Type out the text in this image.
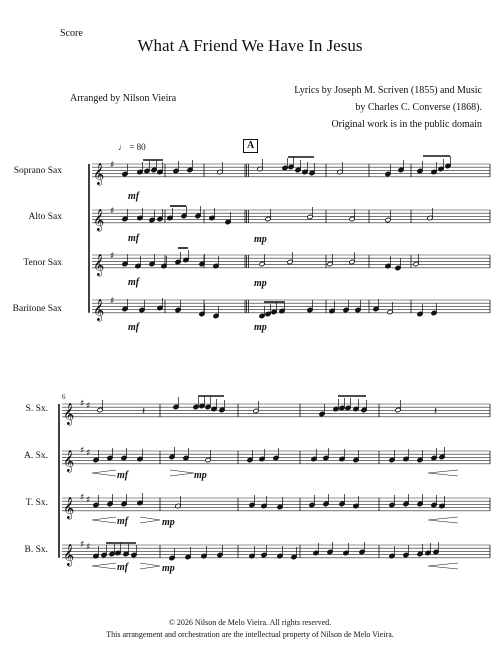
Score
What A Friend We Have In Jesus
Arranged by Nilson Vieira
Lyrics by Joseph M. Scriven (1855) and Music
by Charles C. Converse (1868).
Original work is in the public domain
♩ = 80	A
Soprano Sax
Alto Sax
Tenor Sax
Baritone Sax
mf
mf
mf
mf
mp
mp
mp
6
S. Sx.
A. Sx.
T. Sx.
B. Sx.
mf	mp
mf	mp
mf	mp
𝄞 ♯
𝄞 ♯
𝄞 ♯
𝄞 ♯
𝄞 ♯ ♯
𝄞 ♯ ♯
𝄞 ♯ ♯
𝄞 ♯ ♯
𝄽	𝄽
© 2026 Nilson de Melo Vieira. All rights reserved.
This arrangement and orchestration are the intellectual property of Nilson de Melo Vieira.
